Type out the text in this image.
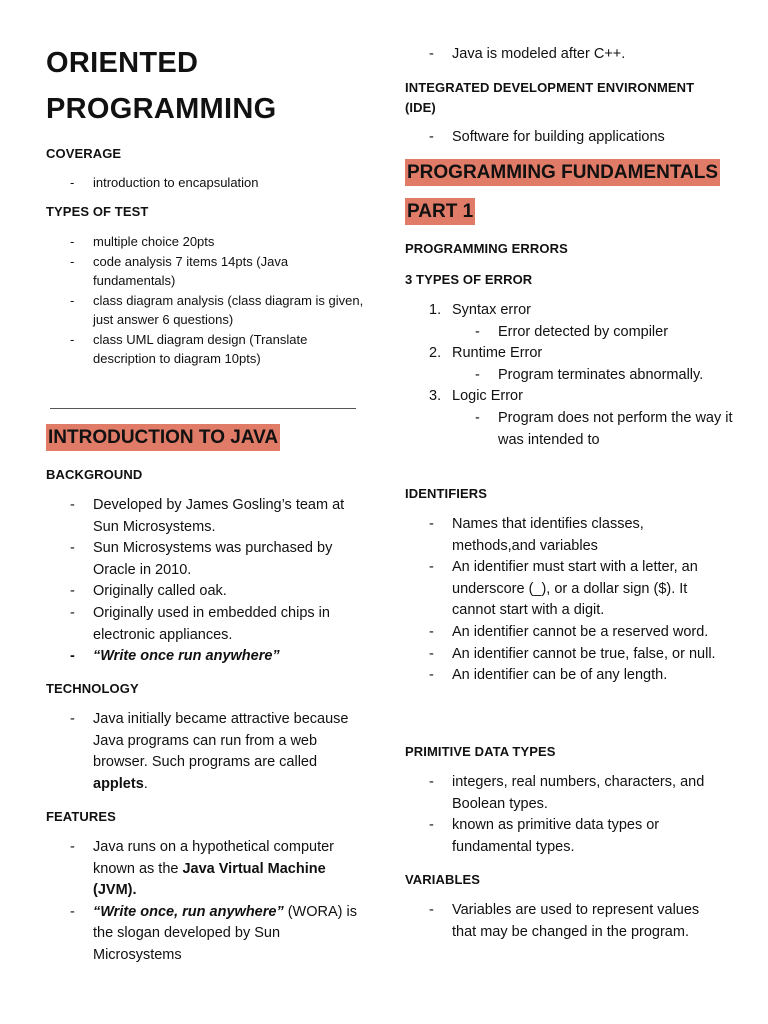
ORIENTED
PROGRAMMING
COVERAGE
- introduction to encapsulation
TYPES OF TEST
- multiple choice 20pts
- code analysis 7 items 14pts (Java fundamentals)
- class diagram analysis (class diagram is given, just answer 6 questions)
- class UML diagram design (Translate description to diagram 10pts)
INTRODUCTION TO JAVA
BACKGROUND
- Developed by James Gosling’s team at Sun Microsystems.
- Sun Microsystems was purchased by Oracle in 2010.
- Originally called oak.
- Originally used in embedded chips in electronic appliances.
- “Write once run anywhere”
TECHNOLOGY
- Java initially became attractive because Java programs can run from a web browser. Such programs are called applets.
FEATURES
- Java runs on a hypothetical computer known as the Java Virtual Machine (JVM).
- “Write once, run anywhere” (WORA) is the slogan developed by Sun Microsystems
- Java is modeled after C++.
INTEGRATED DEVELOPMENT ENVIRONMENT (IDE)
- Software for building applications
PROGRAMMING FUNDAMENTALS
PART 1
PROGRAMMING ERRORS
3 TYPES OF ERROR
1. Syntax error
- Error detected by compiler
2. Runtime Error
- Program terminates abnormally.
3. Logic Error
- Program does not perform the way it was intended to
IDENTIFIERS
- Names that identifies classes, methods,and variables
- An identifier must start with a letter, an underscore (_), or a dollar sign ($). It cannot start with a digit.
- An identifier cannot be a reserved word.
- An identifier cannot be true, false, or null.
- An identifier can be of any length.
PRIMITIVE DATA TYPES
- integers, real numbers, characters, and Boolean types.
- known as primitive data types or fundamental types.
VARIABLES
- Variables are used to represent values that may be changed in the program.
